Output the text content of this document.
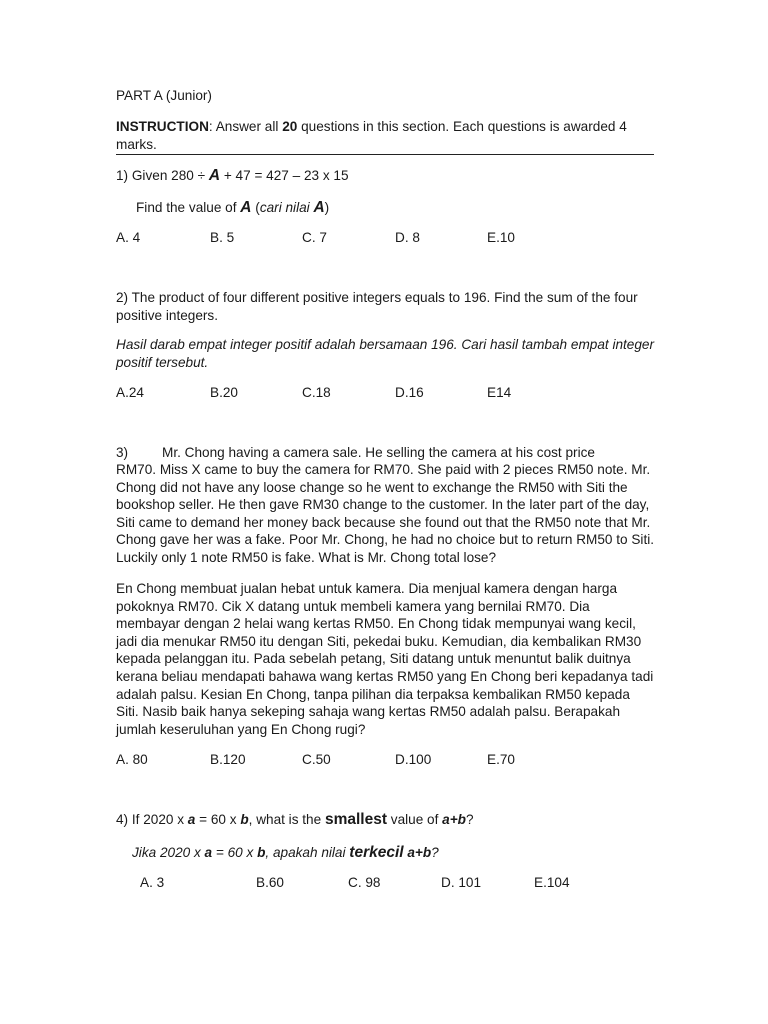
PART A (Junior)

INSTRUCTION: Answer all 20 questions in this section. Each questions is awarded 4 marks.

1) Given 280 ÷ A + 47 = 427 – 23 x 15

Find the value of A (cari nilai A)

A. 4	B. 5	C. 7	D. 8	E.10

2) The product of four different positive integers equals to 196. Find the sum of the four positive integers.

Hasil darab empat integer positif adalah bersamaan 196. Cari hasil tambah empat integer positif tersebut.

A.24	B.20	C.18	D.16	E14

3) Mr. Chong having a camera sale. He selling the camera at his cost price

RM70. Miss X came to buy the camera for RM70. She paid with 2 pieces RM50 note. Mr. Chong did not have any loose change so he went to exchange the RM50 with Siti the bookshop seller. He then gave RM30 change to the customer. In the later part of the day, Siti came to demand her money back because she found out that the RM50 note that Mr. Chong gave her was a fake. Poor Mr. Chong, he had no choice but to return RM50 to Siti. Luckily only 1 note RM50 is fake. What is Mr. Chong total lose?

En Chong membuat jualan hebat untuk kamera. Dia menjual kamera dengan harga pokoknya RM70. Cik X datang untuk membeli kamera yang bernilai RM70. Dia membayar dengan 2 helai wang kertas RM50. En Chong tidak mempunyai wang kecil, jadi dia menukar RM50 itu dengan Siti, pekedai buku. Kemudian, dia kembalikan RM30 kepada pelanggan itu. Pada sebelah petang, Siti datang untuk menuntut balik duitnya kerana beliau mendapati bahawa wang kertas RM50 yang En Chong beri kepadanya tadi adalah palsu. Kesian En Chong, tanpa pilihan dia terpaksa kembalikan RM50 kepada Siti. Nasib baik hanya sekeping sahaja wang kertas RM50 adalah palsu. Berapakah jumlah keseruluhan yang En Chong rugi?

A. 80	B.120	C.50	D.100	E.70

4) If 2020 x a = 60 x b, what is the smallest value of a+b?

Jika 2020 x a = 60 x b, apakah nilai terkecil a+b?

A. 3	B.60	C. 98	D. 101	E.104
